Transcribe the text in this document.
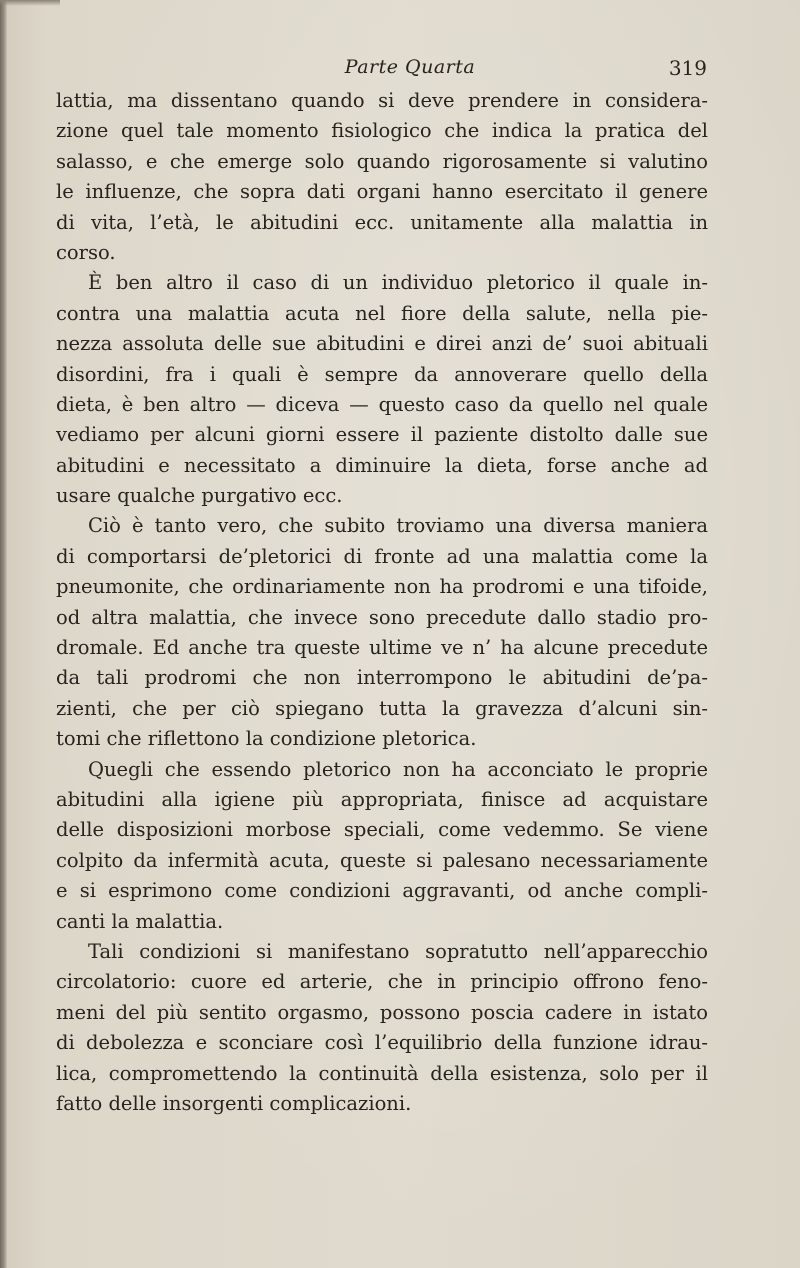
Parte Quarta	319
lattia, ma dissentano quando si deve prendere in considera-
zione quel tale momento fisiologico che indica la pratica del
salasso, e che emerge solo quando rigorosamente si valutino
le influenze, che sopra dati organi hanno esercitato il genere
di vita, l’età, le abitudini ecc. unitamente alla malattia in
corso.
È ben altro il caso di un individuo pletorico il quale in-
contra una malattia acuta nel fiore della salute, nella pie-
nezza assoluta delle sue abitudini e direi anzi de’ suoi abituali
disordini, fra i quali è sempre da annoverare quello della
dieta, è ben altro — diceva — questo caso da quello nel quale
vediamo per alcuni giorni essere il paziente distolto dalle sue
abitudini e necessitato a diminuire la dieta, forse anche ad
usare qualche purgativo ecc.
Ciò è tanto vero, che subito troviamo una diversa maniera
di comportarsi de’pletorici di fronte ad una malattia come la
pneumonite, che ordinariamente non ha prodromi e una tifoide,
od altra malattia, che invece sono precedute dallo stadio pro-
dromale. Ed anche tra queste ultime ve n’ ha alcune precedute
da tali prodromi che non interrompono le abitudini de’pa-
zienti, che per ciò spiegano tutta la gravezza d’alcuni sin-
tomi che riflettono la condizione pletorica.
Quegli che essendo pletorico non ha acconciato le proprie
abitudini alla igiene più appropriata, finisce ad acquistare
delle disposizioni morbose speciali, come vedemmo. Se viene
colpito da infermità acuta, queste si palesano necessariamente
e si esprimono come condizioni aggravanti, od anche compli-
canti la malattia.
Tali condizioni si manifestano sopratutto nell’apparecchio
circolatorio: cuore ed arterie, che in principio offrono feno-
meni del più sentito orgasmo, possono poscia cadere in istato
di debolezza e sconciare così l’equilibrio della funzione idrau-
lica, compromettendo la continuità della esistenza, solo per il
fatto delle insorgenti complicazioni.
